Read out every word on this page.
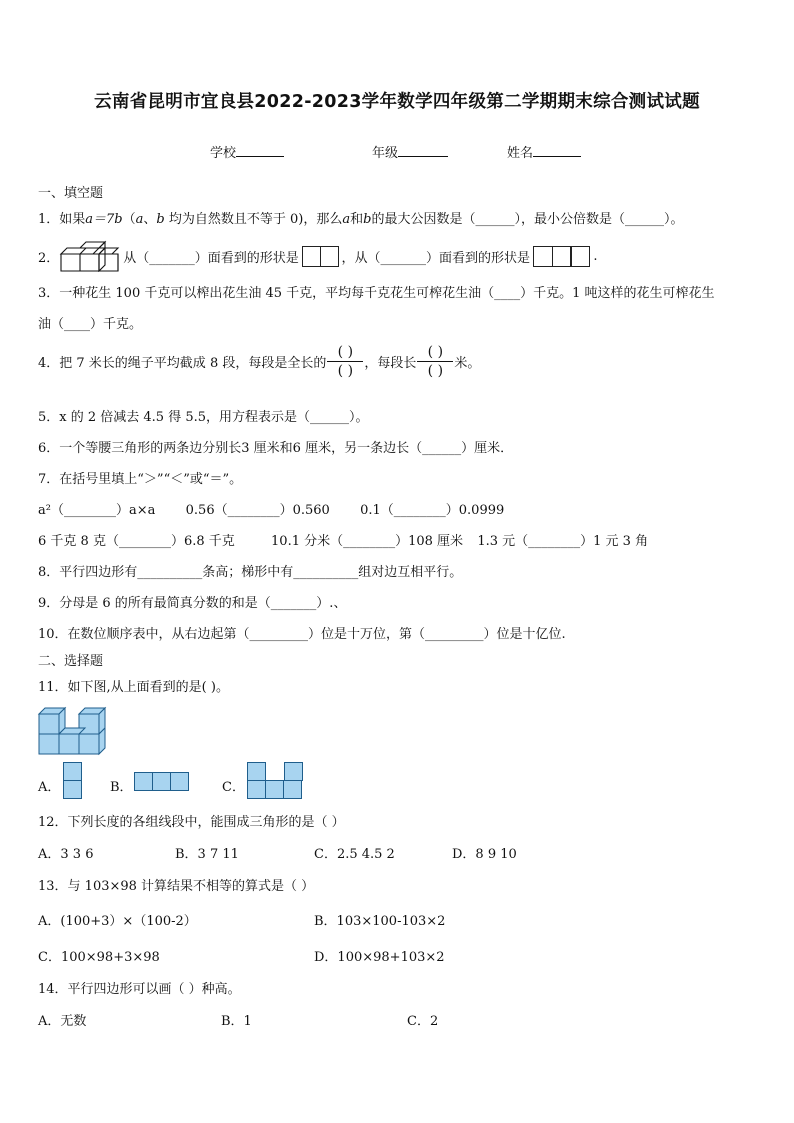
云南省昆明市宜良县2022-2023学年数学四年级第二学期期末综合测试试题
学校	年级	姓名
一、填空题
1．如果a＝7b（a、b 均为自然数且不等于 0)，那么a和b的最大公因数是（______），最小公倍数是（______）。
2．	从（_______）面看到的形状是	，从（_______）面看到的形状是	.
3．一种花生 100 千克可以榨出花生油 45 千克，平均每千克花生可榨花生油（____）千克。1 吨这样的花生可榨花生
油（____）千克。
4．把 7 米长的绳子平均截成 8 段，每段是全长的 $\frac{( )}{( )}$ ，每段长 $\frac{( )}{( )}$ 米。
5．x 的 2 倍减去 4.5 得 5.5，用方程表示是（______）。
6．一个等腰三角形的两条边分别长3 厘米和6 厘米，另一条边长（______）厘米．
7．在括号里填上“＞”“＜”或“＝”。
a²（________）a×a 0.56（________）0.560 0.1（________）0.0999
6 千克 8 克（________）6.8 千克	10.1 分米（________）108 厘米 1.3 元（________）1 元 3 角
8．平行四边形有__________条高；梯形中有__________组对边互相平行。
9．分母是 6 的所有最简真分数的和是（_______）.、
10．在数位顺序表中，从右边起第（_________）位是十万位，第（_________）位是十亿位.
二、选择题
11．如下图,从上面看到的是( )。
A．	B．	C．
12．下列长度的各组线段中，能围成三角形的是（ ）
A．3 3 6	B．3 7 11	C．2.5 4.5 2	D．8 9 10
13．与 103×98 计算结果不相等的算式是（ ）
A．(100+3）×（100-2）	B．103×100-103×2
C．100×98+3×98	D．100×98+103×2
14．平行四边形可以画（ ）种高。
A．无数	B．1	C．2
